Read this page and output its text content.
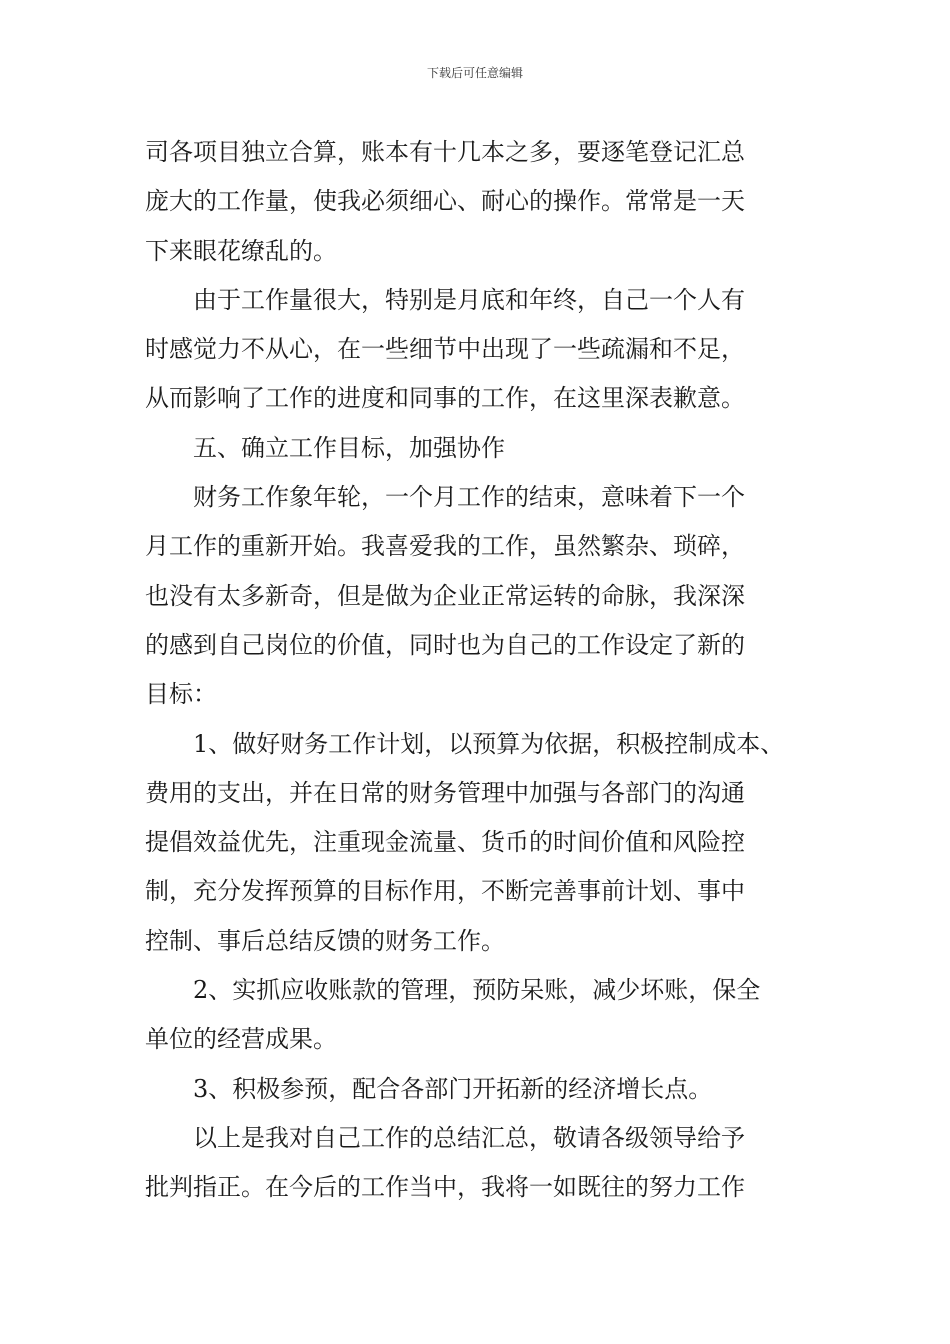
下载后可任意编辑
司各项目独立合算，账本有十几本之多，要逐笔登记汇总
庞大的工作量，使我必须细心、耐心的操作。常常是一天
下来眼花缭乱的。
由于工作量很大，特别是月底和年终，自己一个人有
时感觉力不从心，在一些细节中出现了一些疏漏和不足，
从而影响了工作的进度和同事的工作，在这里深表歉意。
五、确立工作目标，加强协作
财务工作象年轮，一个月工作的结束，意味着下一个
月工作的重新开始。我喜爱我的工作，虽然繁杂、琐碎，
也没有太多新奇，但是做为企业正常运转的命脉，我深深
的感到自己岗位的价值，同时也为自己的工作设定了新的
目标：
1、做好财务工作计划，以预算为依据，积极控制成本、
费用的支出，并在日常的财务管理中加强与各部门的沟通
提倡效益优先，注重现金流量、货币的时间价值和风险控
制，充分发挥预算的目标作用，不断完善事前计划、事中
控制、事后总结反馈的财务工作。
2、实抓应收账款的管理，预防呆账，减少坏账，保全
单位的经营成果。
3、积极参预，配合各部门开拓新的经济增长点。
以上是我对自己工作的总结汇总，敬请各级领导给予
批判指正。在今后的工作当中，我将一如既往的努力工作
